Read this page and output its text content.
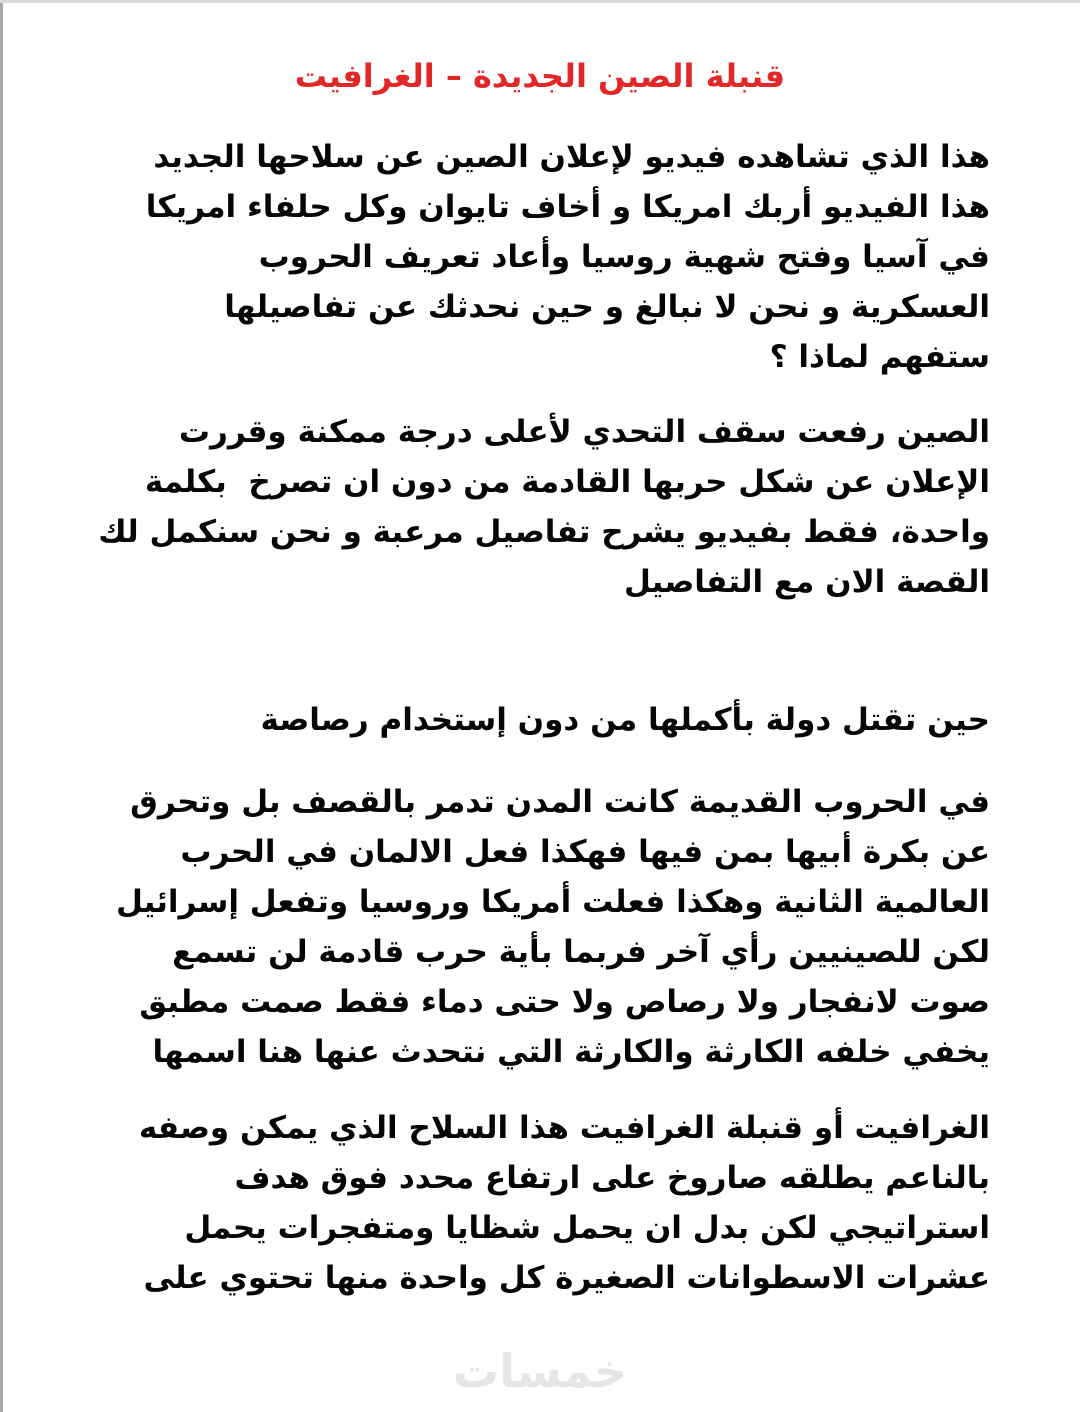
قنبلة الصين الجديدة – الغرافيت
هذا الذي تشاهده فيديو لإعلان الصين عن سلاحها الجديد
هذا الفيديو أربك امريكا و أخاف تايوان وكل حلفاء امريكا
في آسيا وفتح شهية روسيا وأعاد تعريف الحروب
العسكرية و نحن لا نبالغ و حين نحدثك عن تفاصيلها
ستفهم لماذا ؟
الصين رفعت سقف التحدي لأعلى درجة ممكنة وقررت
الإعلان عن شكل حربها القادمة من دون ان تصرخ  بكلمة
واحدة، فقط بفيديو يشرح تفاصيل مرعبة و نحن سنكمل لك
القصة الان مع التفاصيل
حين تقتل دولة بأكملها من دون إستخدام رصاصة
في الحروب القديمة كانت المدن تدمر بالقصف بل وتحرق
عن بكرة أبيها بمن فيها فهكذا فعل الالمان في الحرب
العالمية الثانية وهكذا فعلت أمريكا وروسيا وتفعل إسرائيل
لكن للصينيين رأي آخر فربما بأية حرب قادمة لن تسمع
صوت لانفجار ولا رصاص ولا حتى دماء فقط صمت مطبق
يخفي خلفه الكارثة والكارثة التي نتحدث عنها هنا اسمها
الغرافيت أو قنبلة الغرافيت هذا السلاح الذي يمكن وصفه
بالناعم يطلقه صاروخ على ارتفاع محدد فوق هدف
استراتيجي لكن بدل ان يحمل شظايا ومتفجرات يحمل
عشرات الاسطوانات الصغيرة كل واحدة منها تحتوي على
خمسات
